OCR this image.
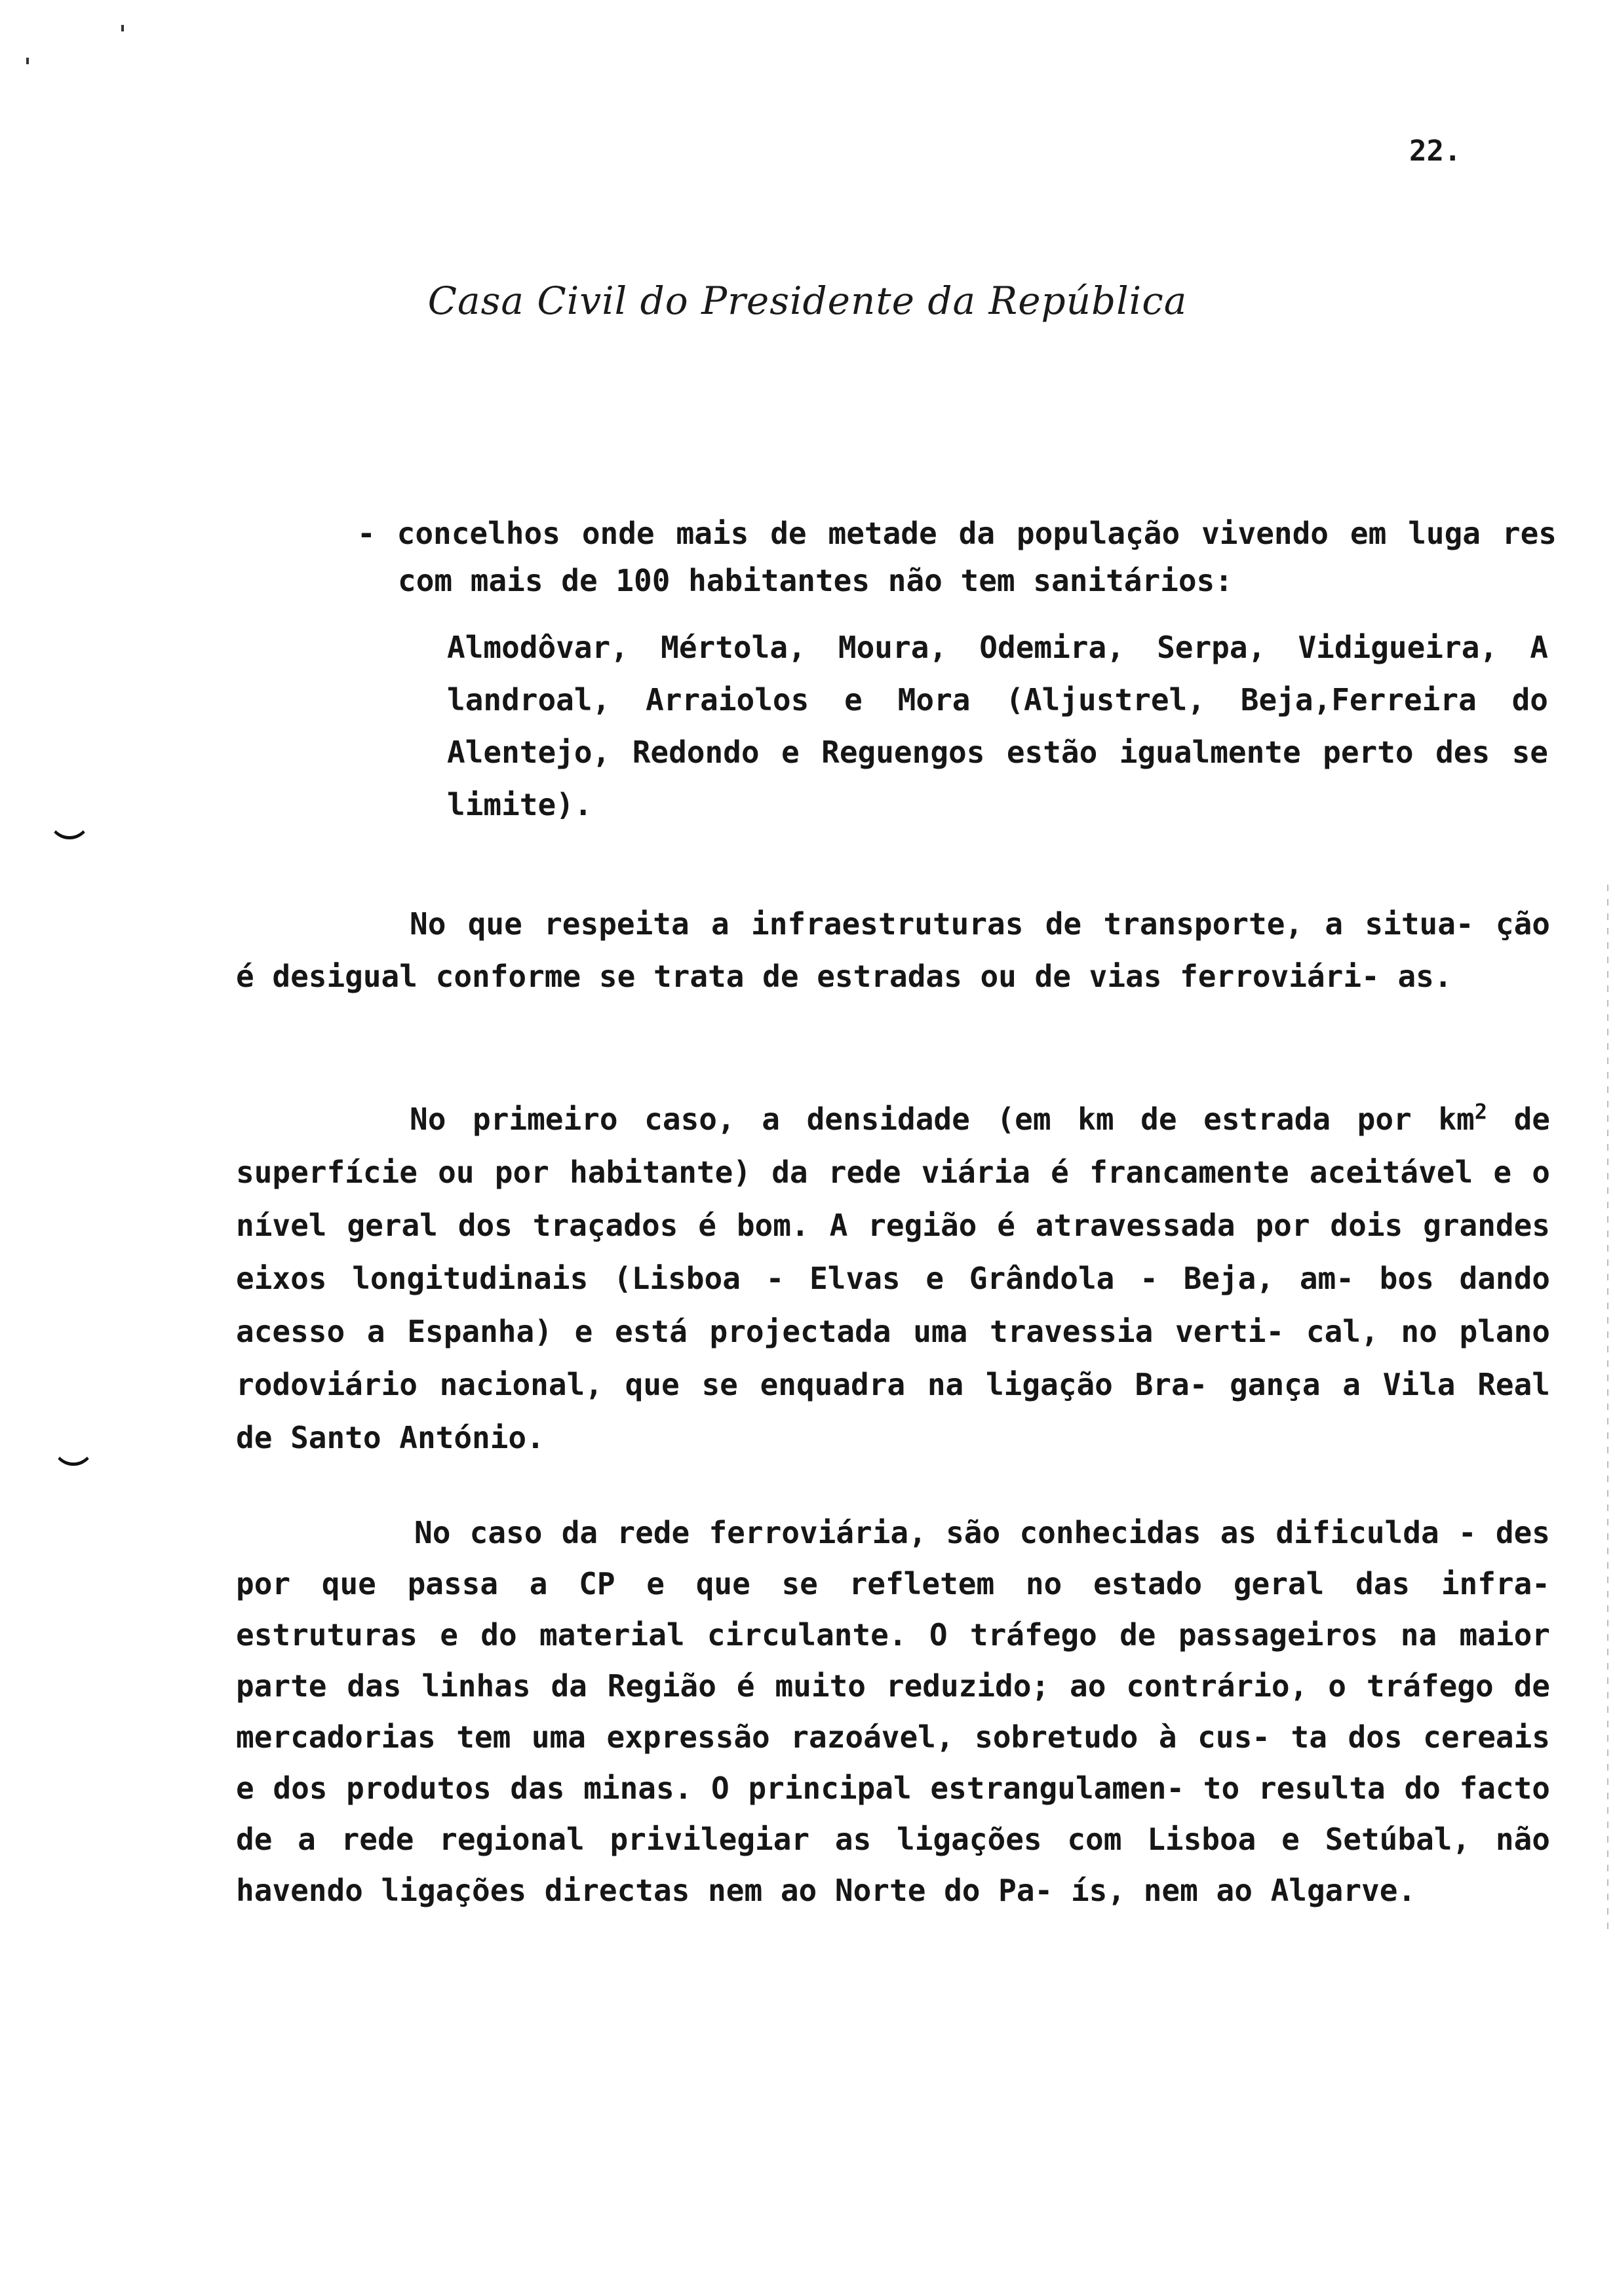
22.
Casa Civil do Presidente da República

- concelhos onde mais de metade da população vivendo em luga res com mais de 100 habitantes não tem sanitários:

Almodôvar, Mértola, Moura, Odemira, Serpa, Vidigueira, A landroal, Arraiolos e Mora (Aljustrel, Beja,Ferreira do Alentejo, Redondo e Reguengos estão igualmente perto des se limite).

No que respeita a infraestruturas de transporte, a situa- ção é desigual conforme se trata de estradas ou de vias ferroviári- as.

No primeiro caso, a densidade (em km de estrada por $km^2$ de superfície ou por habitante) da rede viária é francamente aceitável e o nível geral dos traçados é bom. A região é atravessada por dois grandes eixos longitudinais (Lisboa - Elvas e Grândola - Beja, am- bos dando acesso a Espanha) e está projectada uma travessia verti- cal, no plano rodoviário nacional, que se enquadra na ligação Bra- gança a Vila Real de Santo António.

No caso da rede ferroviária, são conhecidas as dificulda - des por que passa a CP e que se refletem no estado geral das infra- estruturas e do material circulante. O tráfego de passageiros na maior parte das linhas da Região é muito reduzido; ao contrário, o tráfego de mercadorias tem uma expressão razoável, sobretudo à cus- ta dos cereais e dos produtos das minas. O principal estrangulamen- to resulta do facto de a rede regional privilegiar as ligações com Lisboa e Setúbal, não havendo ligações directas nem ao Norte do Pa- ís, nem ao Algarve.
